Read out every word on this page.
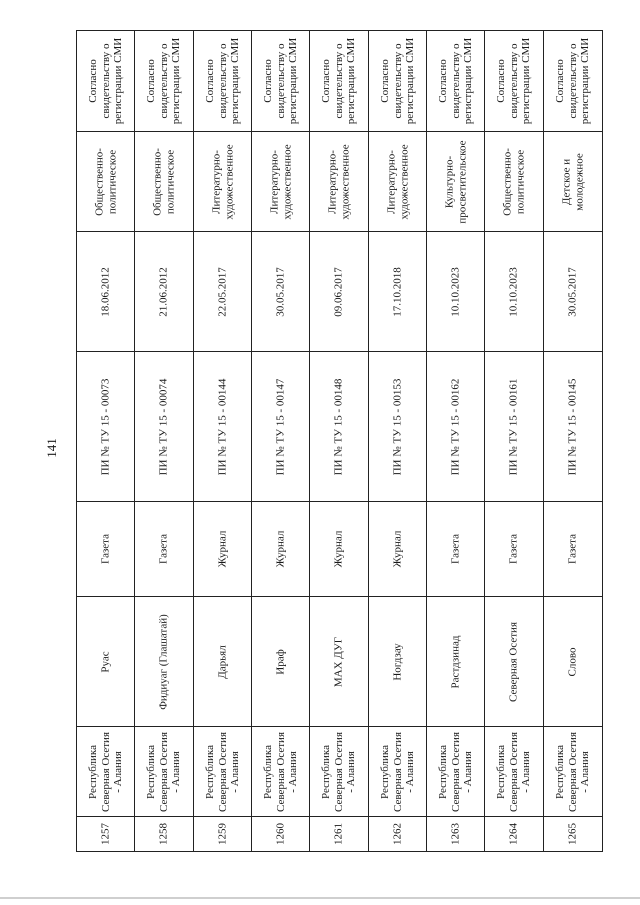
141
Согласно свидетельству о регистрации СМИ
Общественно-политическое
18.06.2012
ПИ № ТУ 15 - 00073
Газета
Руас
Республика Северная Осетия - Алания
1257
Согласно свидетельству о регистрации СМИ
Общественно-политическое
21.06.2012
ПИ № ТУ 15 - 00074
Газета
Фидиуаг (Глашатай)
Республика Северная Осетия - Алания
1258
Согласно свидетельству о регистрации СМИ
Литературно-художественное
22.05.2017
ПИ № ТУ 15 - 00144
Журнал
Дарьял
Республика Северная Осетия - Алания
1259
Согласно свидетельству о регистрации СМИ
Литературно-художественное
30.05.2017
ПИ № ТУ 15 - 00147
Журнал
Ираф
Республика Северная Осетия - Алания
1260
Согласно свидетельству о регистрации СМИ
Литературно-художественное
09.06.2017
ПИ № ТУ 15 - 00148
Журнал
МАХ ДУГ
Республика Северная Осетия - Алания
1261
Согласно свидетельству о регистрации СМИ
Литературно-художественное
17.10.2018
ПИ № ТУ 15 - 00153
Журнал
Ногдзау
Республика Северная Осетия - Алания
1262
Согласно свидетельству о регистрации СМИ
Культурно-просветительское
10.10.2023
ПИ № ТУ 15 - 00162
Газета
Растдзинад
Республика Северная Осетия - Алания
1263
Согласно свидетельству о регистрации СМИ
Общественно-политическое
10.10.2023
ПИ № ТУ 15 - 00161
Газета
Северная Осетия
Республика Северная Осетия - Алания
1264
Согласно свидетельству о регистрации СМИ
Детское и молодежное
30.05.2017
ПИ № ТУ 15 - 00145
Газета
Слово
Республика Северная Осетия - Алания
1265
